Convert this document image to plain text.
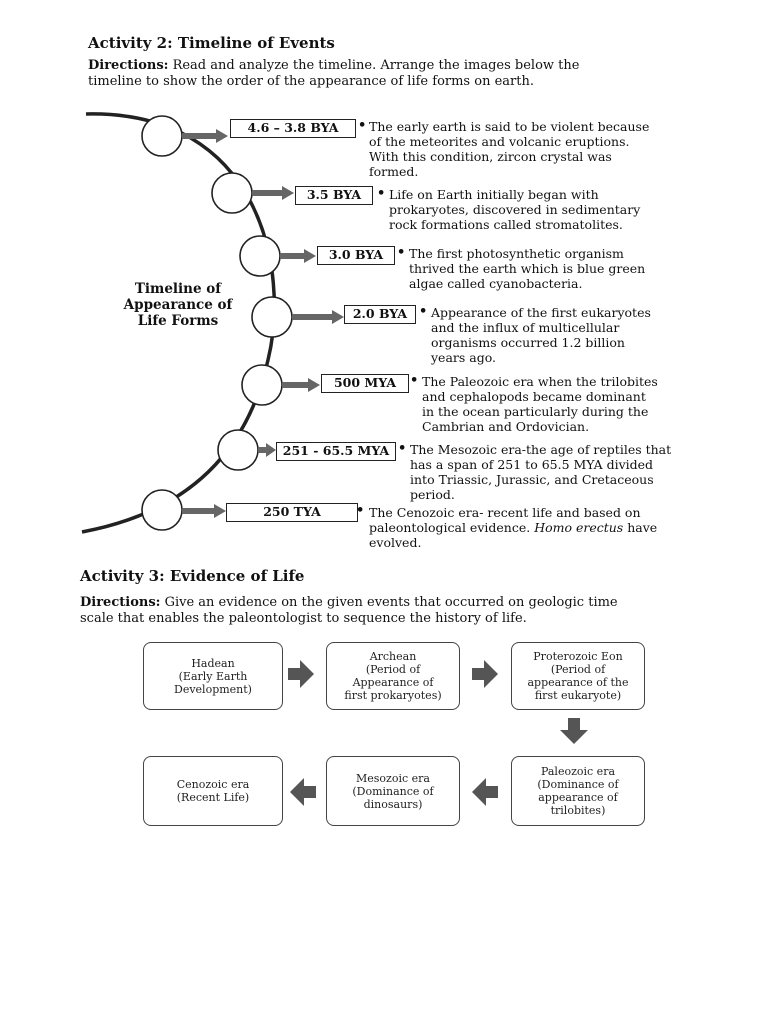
Activity 2: Timeline of Events
Directions: Read and analyze the timeline. Arrange the images below the
timeline to show the order of the appearance of life forms on earth.
Timeline of
Appearance of
Life Forms
4.6 – 3.8 BYA	• The early earth is said to be violent because
of the meteorites and volcanic eruptions.
With this condition, zircon crystal was
formed.
3.5 BYA	• Life on Earth initially began with
prokaryotes, discovered in sedimentary
rock formations called stromatolites.
3.0 BYA	• The first photosynthetic organism
thrived the earth which is blue green
algae called cyanobacteria.
2.0 BYA • Appearance of the first eukaryotes
and the influx of multicellular
organisms occurred 1.2 billion
years ago.
500 MYA	• The Paleozoic era when the trilobites
and cephalopods became dominant
in the ocean particularly during the
Cambrian and Ordovician.
251 - 65.5 MYA • The Mesozoic era-the age of reptiles that
has a span of 251 to 65.5 MYA divided
into Triassic, Jurassic, and Cretaceous
period.
250 TYA	• The Cenozoic era- recent life and based on
paleontological evidence. Homo erectus have
evolved.
Activity 3: Evidence of Life
Directions: Give an evidence on the given events that occurred on geologic time
scale that enables the paleontologist to sequence the history of life.
Hadean
(Early Earth
Development)
Archean
(Period of
Appearance of
first prokaryotes)
Proterozoic Eon
(Period of
appearance of the
first eukaryote)
Paleozoic era
(Dominance of
appearance of
trilobites)
Mesozoic era
(Dominance of
dinosaurs)
Cenozoic era
(Recent Life)
